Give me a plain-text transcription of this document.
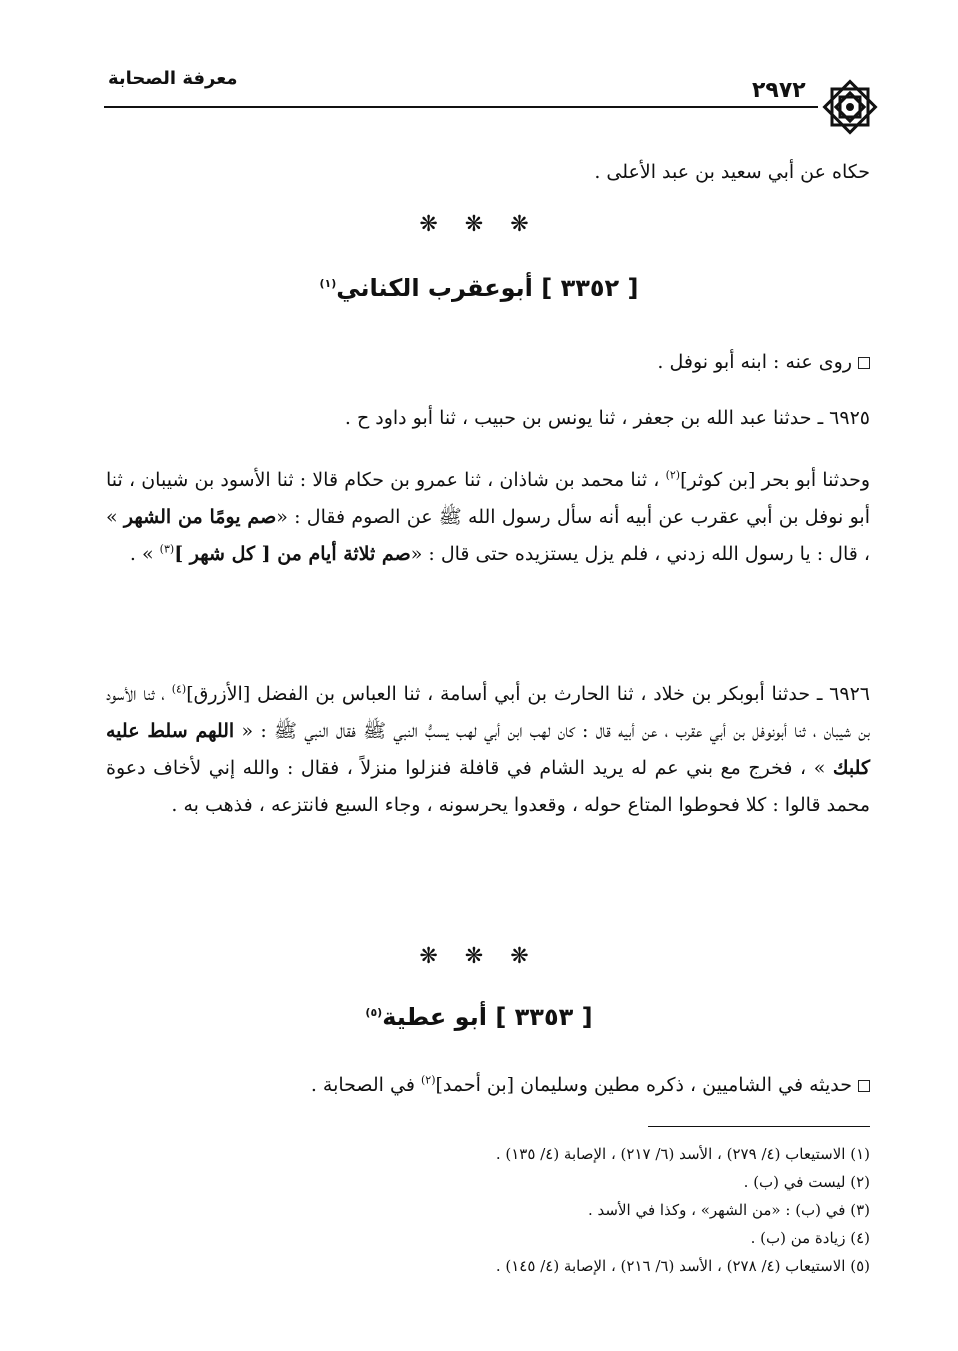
معرفة الصحابة	٢٩٧٢
حكاه عن أبي سعيد بن عبد الأعلى .
❋ ❋ ❋
[ ٣٣٥٢ ] أبوعقرب الكناني$^{(١)}$
روى عنه : ابنه أبو نوفل .
٦٩٢٥ ـ حدثنا عبد الله بن جعفر ، ثنا يونس بن حبيب ، ثنا أبو داود ح .
وحدثنا أبو بحر [بن كوثر]$^{(٢)}$ ، ثنا محمد بن شاذان ، ثنا عمرو بن حكام قالا : ثنا الأسود بن شيبان ، ثنا أبو نوفل بن أبي عقرب عن أبيه أنه سأل رسول الله ﷺ عن الصوم فقال : «صم يومًا من الشهر » ، قال : يا رسول الله زدني ، فلم يزل يستزيده حتى قال : «صم ثلاثة أيام من [ كل شهر ]$^{(٣)}$ » .
٦٩٢٦ ـ حدثنا أبوبكر بن خلاد ، ثنا الحارث بن أبي أسامة ، ثنا العباس بن الفضل [الأزرق]$^{(٤)}$ ، ثنا الأسود بن شيبان ، ثنا أبونوفل بن أبي عقرب ، عن أبيه قال : كان لهب ابن أبي لهب يسبُّ النبي ﷺ فقال النبي ﷺ : « اللهم سلط عليه كلبك » ، فخرج مع بني عم له يريد الشام في قافلة فنزلوا منزلاً ، فقال : والله إني لأخاف دعوة محمد قالوا : كلا فحوطوا المتاع حوله ، وقعدوا يحرسونه ، وجاء السبع فانتزعه ، فذهب به .
❋ ❋ ❋
[ ٣٣٥٣ ] أبو عطية$^{(٥)}$
حديثه في الشاميين ، ذكره مطين وسليمان [بن أحمد]$^{(٢)}$ في الصحابة .
(١) الاستيعاب (٤/ ٢٧٩) ، الأسد (٦/ ٢١٧) ، الإصابة (٤/ ١٣٥) .
(٢) ليست في (ب) .
(٣) في (ب) : «من الشهر» ، وكذا في الأسد .
(٤) زيادة من (ب) .
(٥) الاستيعاب (٤/ ٢٧٨) ، الأسد (٦/ ٢١٦) ، الإصابة (٤/ ١٤٥) .
